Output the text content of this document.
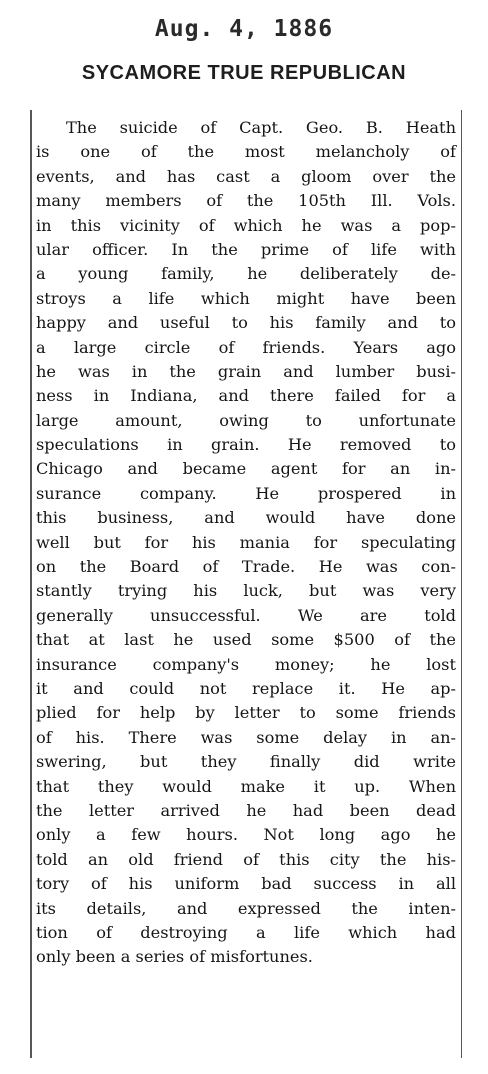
Aug. 4, 1886
SYCAMORE TRUE REPUBLICAN
The suicide of Capt. Geo. B. Heath
is one of the most melancholy of
events, and has cast a gloom over the
many members of the 105th Ill. Vols.
in this vicinity of which he was a pop-
ular officer. In the prime of life with
a young family, he deliberately de-
stroys a life which might have been
happy and useful to his family and to
a large circle of friends. Years ago
he was in the grain and lumber busi-
ness in Indiana, and there failed for a
large amount, owing to unfortunate
speculations in grain. He removed to
Chicago and became agent for an in-
surance company. He prospered in
this business, and would have done
well but for his mania for speculating
on the Board of Trade. He was con-
stantly trying his luck, but was very
generally unsuccessful. We are told
that at last he used some $500 of the
insurance company's money; he lost
it and could not replace it. He ap-
plied for help by letter to some friends
of his. There was some delay in an-
swering, but they finally did write
that they would make it up. When
the letter arrived he had been dead
only a few hours. Not long ago he
told an old friend of this city the his-
tory of his uniform bad success in all
its details, and expressed the inten-
tion of destroying a life which had
only been a series of misfortunes.
